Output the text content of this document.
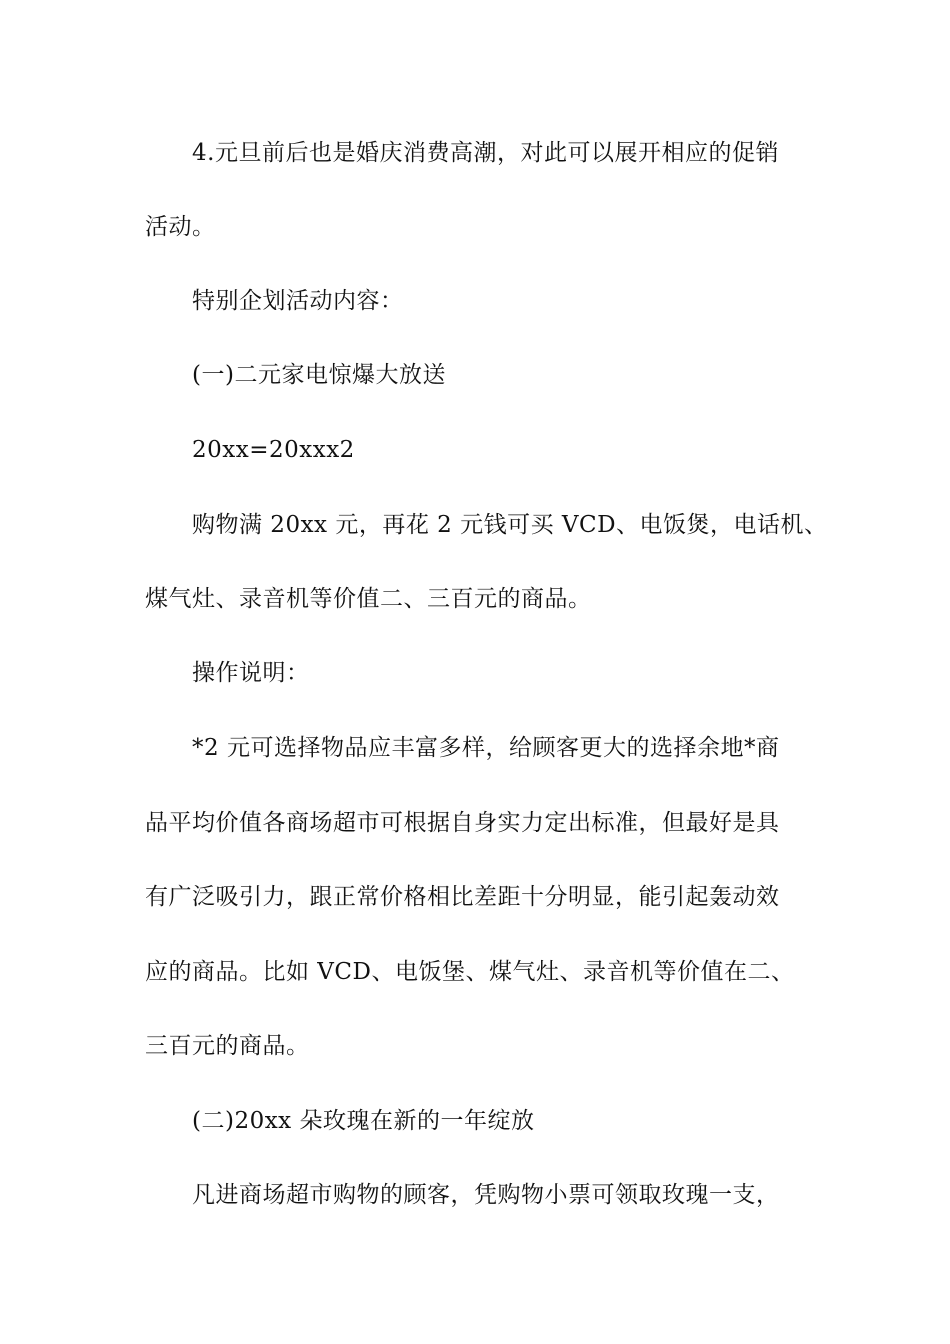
4.元旦前后也是婚庆消费高潮，对此可以展开相应的促销

活动。

特别企划活动内容：

(一)二元家电惊爆大放送

20xx=20xxx2

购物满 20xx 元，再花 2 元钱可买 VCD、电饭煲，电话机、

煤气灶、录音机等价值二、三百元的商品。

操作说明：

*2 元可选择物品应丰富多样，给顾客更大的选择余地*商

品平均价值各商场超市可根据自身实力定出标准，但最好是具

有广泛吸引力，跟正常价格相比差距十分明显，能引起轰动效

应的商品。比如 VCD、电饭堡、煤气灶、录音机等价值在二、

三百元的商品。

(二)20xx 朵玫瑰在新的一年绽放

凡进商场超市购物的顾客，凭购物小票可领取玫瑰一支，
